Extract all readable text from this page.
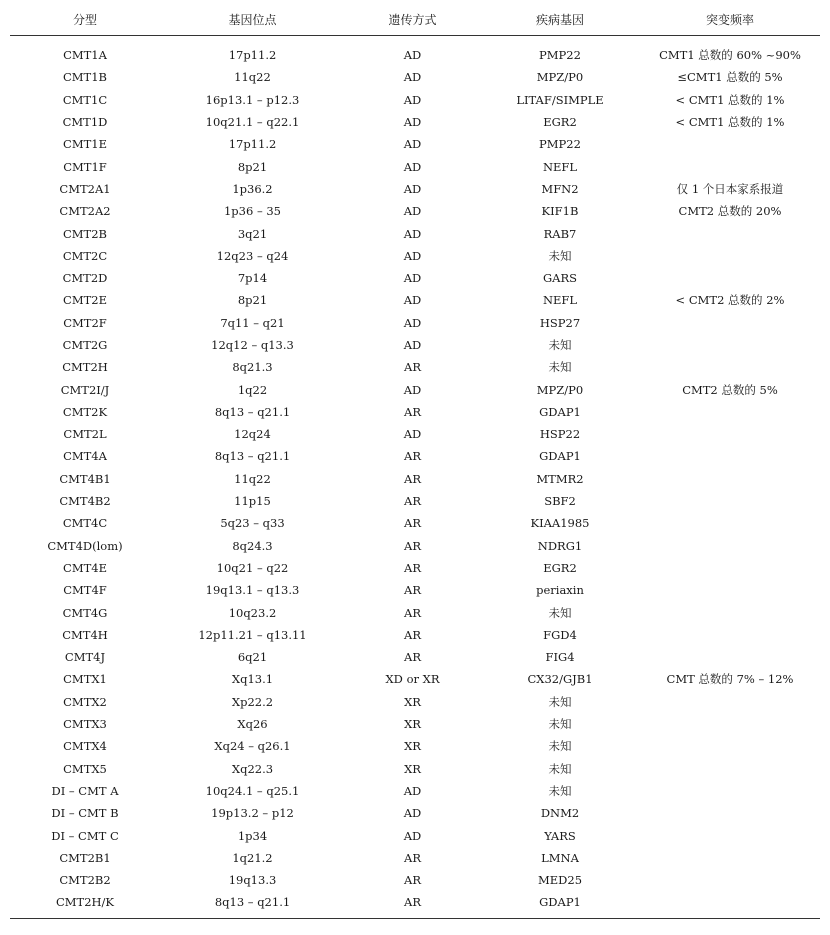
分型	基因位点	遗传方式	疾病基因	突变频率
CMT1A	17p11.2	AD	PMP22	CMT1 总数的 60% ~90%
CMT1B	11q22	AD	MPZ/P0	≤CMT1 总数的 5%
CMT1C	16p13.1 – p12.3	AD	LITAF/SIMPLE	< CMT1 总数的 1%
CMT1D	10q21.1 – q22.1	AD	EGR2	< CMT1 总数的 1%
CMT1E	17p11.2	AD	PMP22	
CMT1F	8p21	AD	NEFL	
CMT2A1	1p36.2	AD	MFN2	仅 1 个日本家系报道
CMT2A2	1p36 – 35	AD	KIF1B	CMT2 总数的 20%
CMT2B	3q21	AD	RAB7	
CMT2C	12q23 – q24	AD	未知	
CMT2D	7p14	AD	GARS	
CMT2E	8p21	AD	NEFL	< CMT2 总数的 2%
CMT2F	7q11 – q21	AD	HSP27	
CMT2G	12q12 – q13.3	AD	未知	
CMT2H	8q21.3	AR	未知	
CMT2I/J	1q22	AD	MPZ/P0	CMT2 总数的 5%
CMT2K	8q13 – q21.1	AR	GDAP1	
CMT2L	12q24	AD	HSP22	
CMT4A	8q13 – q21.1	AR	GDAP1	
CMT4B1	11q22	AR	MTMR2	
CMT4B2	11p15	AR	SBF2	
CMT4C	5q23 – q33	AR	KIAA1985	
CMT4D(lom)	8q24.3	AR	NDRG1	
CMT4E	10q21 – q22	AR	EGR2	
CMT4F	19q13.1 – q13.3	AR	periaxin	
CMT4G	10q23.2	AR	未知	
CMT4H	12p11.21 – q13.11	AR	FGD4	
CMT4J	6q21	AR	FIG4	
CMTX1	Xq13.1	XD or XR	CX32/GJB1	CMT 总数的 7% – 12%
CMTX2	Xp22.2	XR	未知	
CMTX3	Xq26	XR	未知	
CMTX4	Xq24 – q26.1	XR	未知	
CMTX5	Xq22.3	XR	未知	
DI – CMT A	10q24.1 – q25.1	AD	未知	
DI – CMT B	19p13.2 – p12	AD	DNM2	
DI – CMT C	1p34	AD	YARS	
CMT2B1	1q21.2	AR	LMNA	
CMT2B2	19q13.3	AR	MED25	
CMT2H/K	8q13 – q21.1	AR	GDAP1	
